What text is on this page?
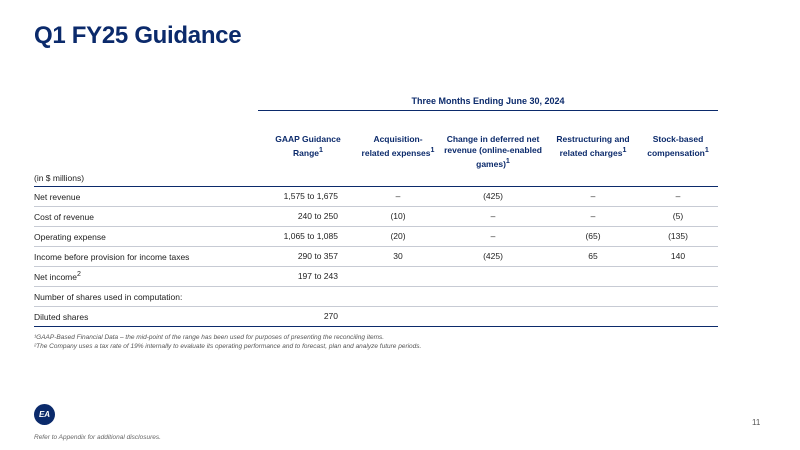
Q1 FY25 Guidance
Three Months Ending June 30, 2024
	GAAP Guidance Range$^1$	Acquisition-related expenses$^1$	Change in deferred net revenue (online-enabled games)$^1$	Restructuring and related charges$^1$	Stock-based compensation$^1$
(in $ millions)					
Net revenue	1,575 to 1,675	–	(425)	–	–
Cost of revenue	240 to 250	(10)	–	–	(5)
Operating expense	1,065 to 1,085	(20)	–	(65)	(135)
Income before provision for income taxes	290 to 357	30	(425)	65	140
Net income$^2$	197 to 243				
Number of shares used in computation:					
Diluted shares	270				
¹GAAP-Based Financial Data – the mid-point of the range has been used for purposes of presenting the reconciling items.
²The Company uses a tax rate of 19% internally to evaluate its operating performance and to forecast, plan and analyze future periods.
EA
11
Refer to Appendix for additional disclosures.
